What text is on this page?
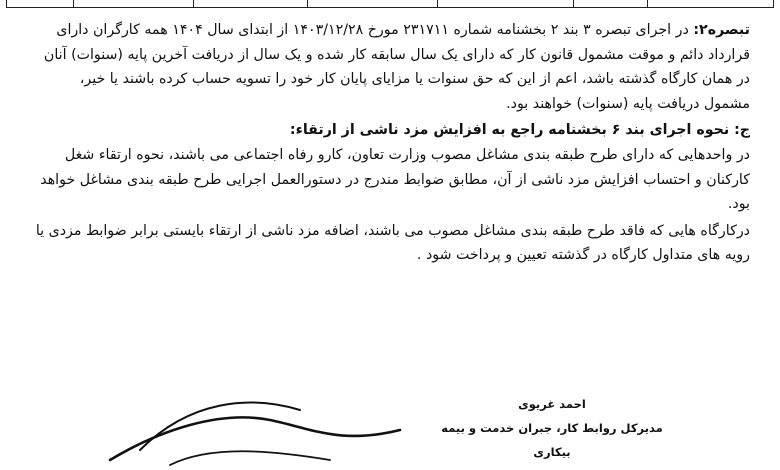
تبصره۲: در اجرای تبصره ۳ بند ۲ بخشنامه شماره ۲۳۱۷۱۱ مورخ ۱۴۰۳/۱۲/۲۸ از ابتدای سال ۱۴۰۴ همه کارگران دارای
قرارداد دائم و موقت مشمول قانون کار که دارای یک سال سابقه کار شده و یک سال از دریافت آخرین پایه (سنوات) آنان
در همان کارگاه گذشته باشد، اعم از این که حق سنوات یا مزایای پایان کار خود را تسویه حساب کرده باشند یا خیر،
مشمول دریافت پایه (سنوات) خواهند بود.
ج: نحوه اجرای بند ۶ بخشنامه راجع به افزایش مزد ناشی از ارتقاء:
در واحدهایی که دارای طرح طبقه بندی مشاغل مصوب وزارت تعاون، کارو رفاه اجتماعی می باشند، نحوه ارتقاء شغل
کارکنان و احتساب افزایش مزد ناشی از آن، مطابق ضوابط مندرج در دستورالعمل اجرایی طرح طبقه بندی مشاغل خواهد
بود.
درکارگاه هایی که فاقد طرح طبقه بندی مشاغل مصوب می باشند، اضافه مزد ناشی از ارتقاء بایستی برابر ضوابط مزدی یا
رویه های متداول کارگاه در گذشته تعیین و پرداخت شود .
احمد غریوی
مدیرکل روابط کار، جبران خدمت و بیمه بیکاری
